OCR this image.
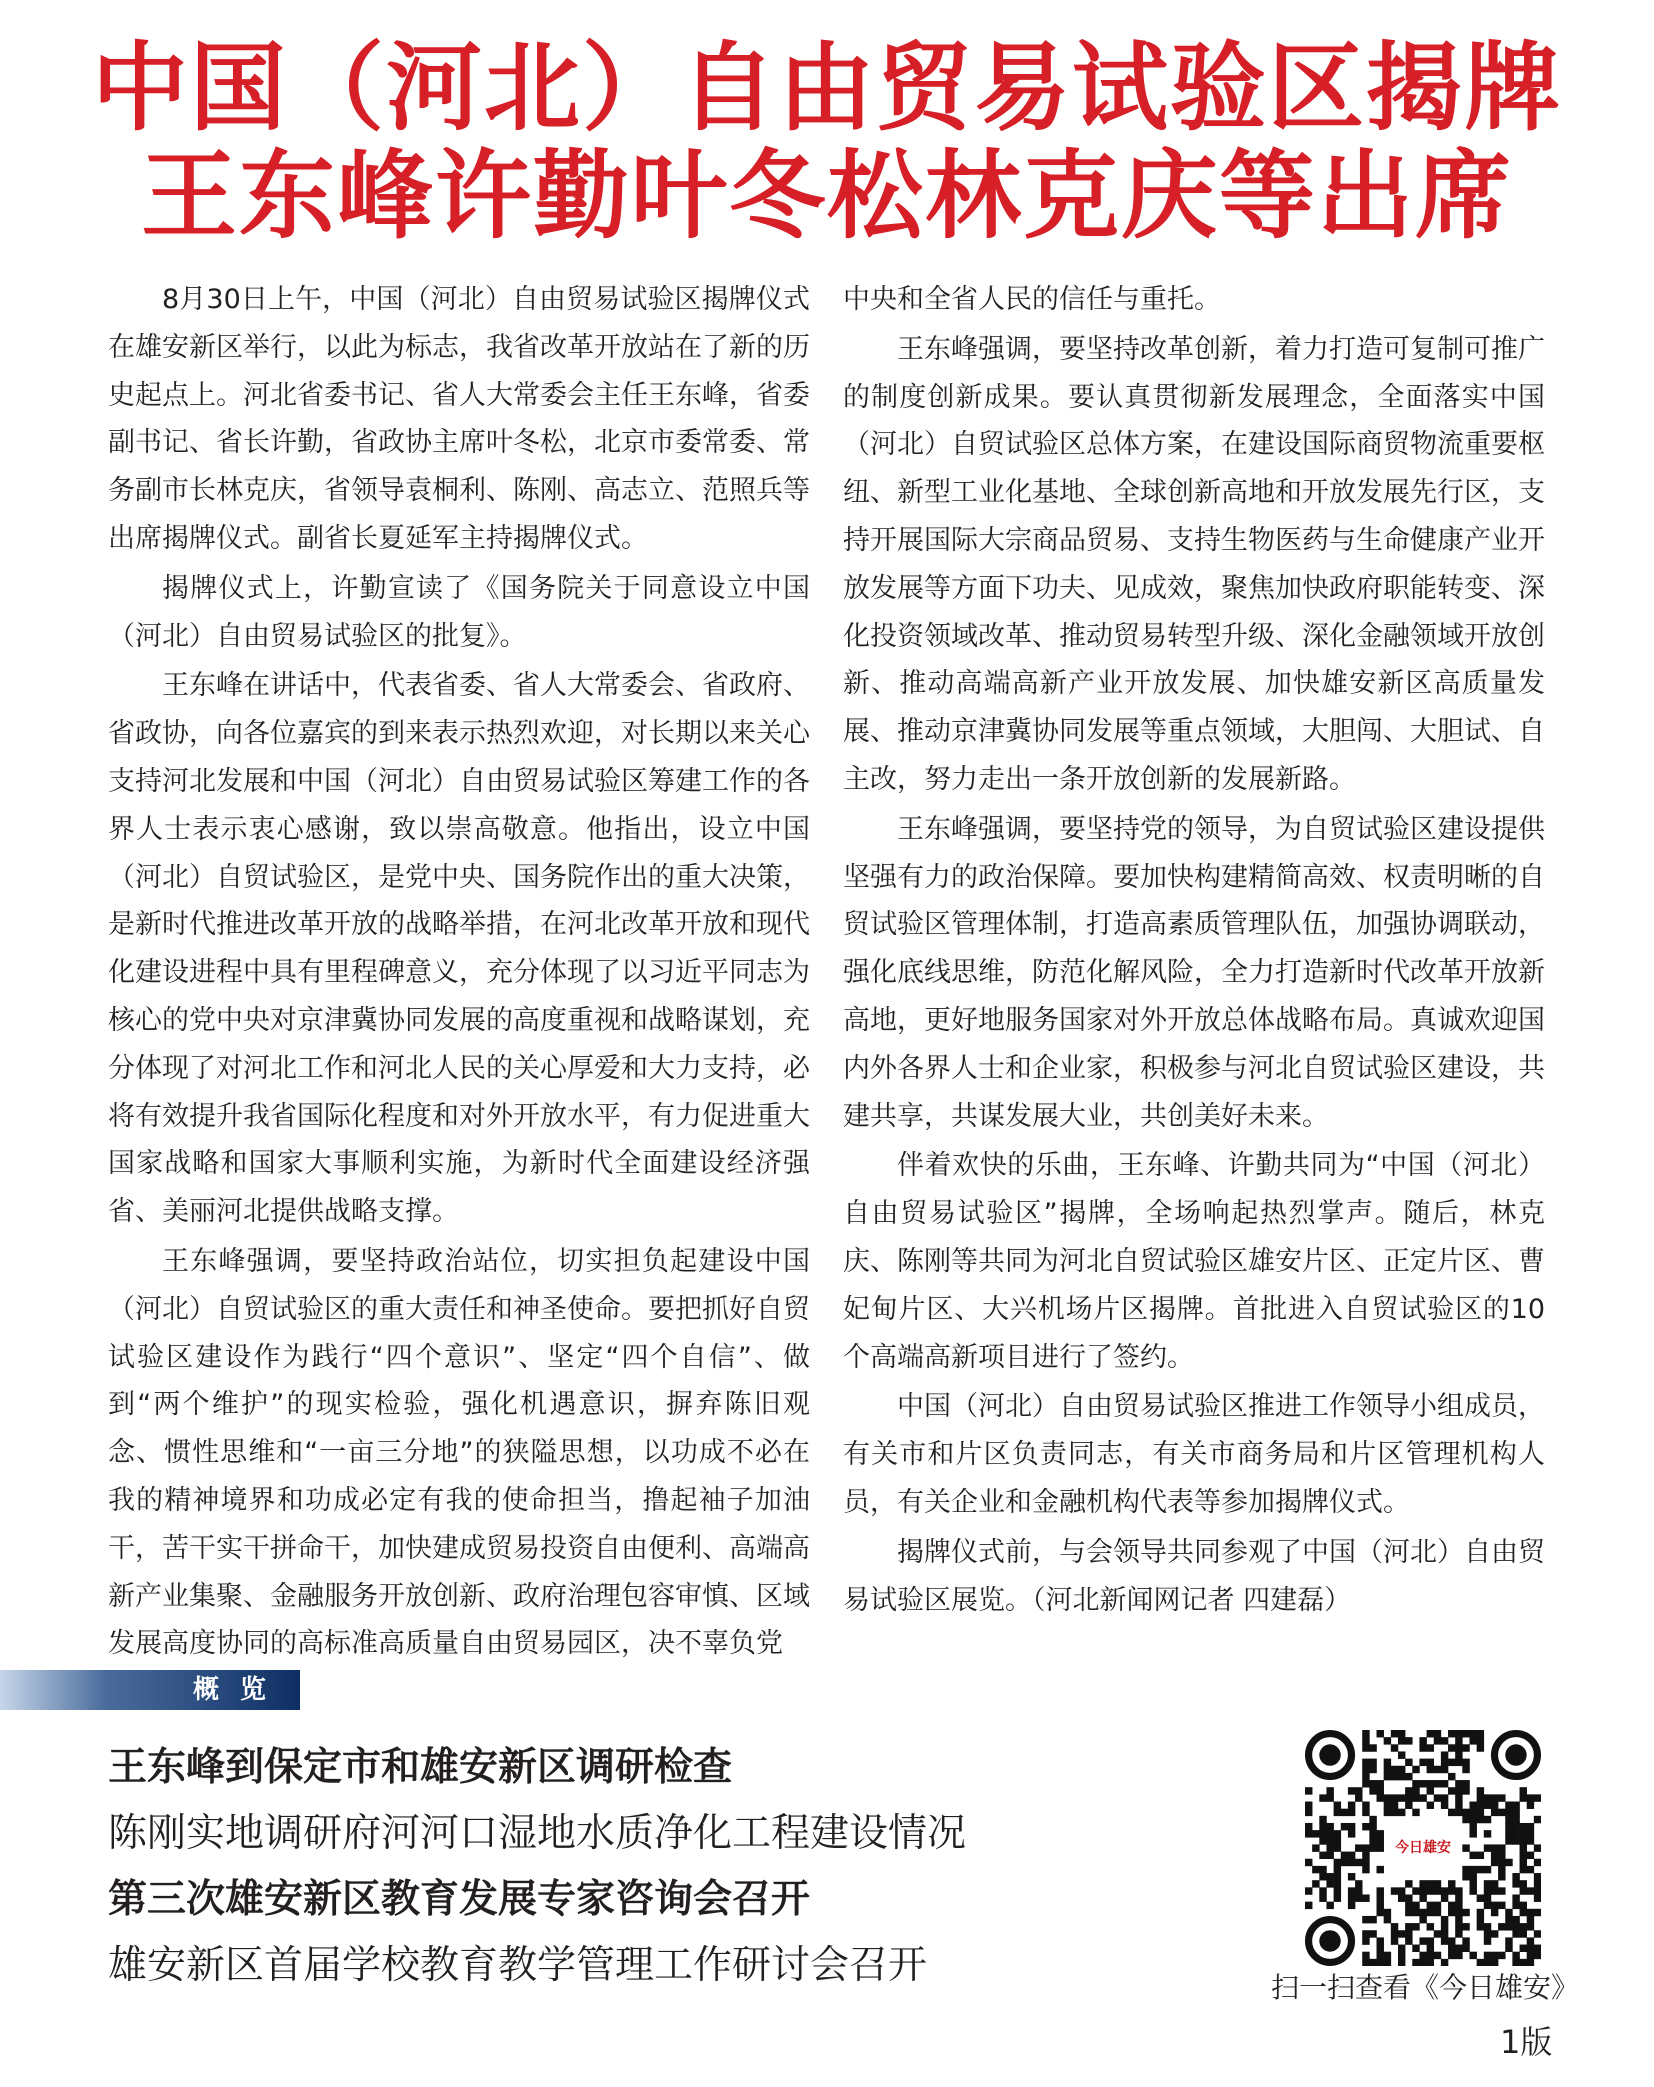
中国（河北）自由贸易试验区揭牌
王东峰许勤叶冬松林克庆等出席

8月30日上午，中国（河北）自由贸易试验区揭牌仪式在雄安新区举行，以此为标志，我省改革开放站在了新的历史起点上。河北省委书记、省人大常委会主任王东峰，省委副书记、省长许勤，省政协主席叶冬松，北京市委常委、常务副市长林克庆，省领导袁桐利、陈刚、高志立、范照兵等出席揭牌仪式。副省长夏延军主持揭牌仪式。

揭牌仪式上，许勤宣读了《国务院关于同意设立中国（河北）自由贸易试验区的批复》。

王东峰在讲话中，代表省委、省人大常委会、省政府、省政协，向各位嘉宾的到来表示热烈欢迎，对长期以来关心支持河北发展和中国（河北）自由贸易试验区筹建工作的各界人士表示衷心感谢，致以崇高敬意。他指出，设立中国（河北）自贸试验区，是党中央、国务院作出的重大决策，是新时代推进改革开放的战略举措，在河北改革开放和现代化建设进程中具有里程碑意义，充分体现了以习近平同志为核心的党中央对京津冀协同发展的高度重视和战略谋划，充分体现了对河北工作和河北人民的关心厚爱和大力支持，必将有效提升我省国际化程度和对外开放水平，有力促进重大国家战略和国家大事顺利实施，为新时代全面建设经济强省、美丽河北提供战略支撑。

王东峰强调，要坚持政治站位，切实担负起建设中国（河北）自贸试验区的重大责任和神圣使命。要把抓好自贸试验区建设作为践行“四个意识”、坚定“四个自信”、做到“两个维护”的现实检验，强化机遇意识，摒弃陈旧观念、惯性思维和“一亩三分地”的狭隘思想，以功成不必在我的精神境界和功成必定有我的使命担当，撸起袖子加油干，苦干实干拼命干，加快建成贸易投资自由便利、高端高新产业集聚、金融服务开放创新、政府治理包容审慎、区域发展高度协同的高标准高质量自由贸易园区，决不辜负党

中央和全省人民的信任与重托。

王东峰强调，要坚持改革创新，着力打造可复制可推广的制度创新成果。要认真贯彻新发展理念，全面落实中国（河北）自贸试验区总体方案，在建设国际商贸物流重要枢纽、新型工业化基地、全球创新高地和开放发展先行区，支持开展国际大宗商品贸易、支持生物医药与生命健康产业开放发展等方面下功夫、见成效，聚焦加快政府职能转变、深化投资领域改革、推动贸易转型升级、深化金融领域开放创新、推动高端高新产业开放发展、加快雄安新区高质量发展、推动京津冀协同发展等重点领域，大胆闯、大胆试、自主改，努力走出一条开放创新的发展新路。

王东峰强调，要坚持党的领导，为自贸试验区建设提供坚强有力的政治保障。要加快构建精简高效、权责明晰的自贸试验区管理体制，打造高素质管理队伍，加强协调联动，强化底线思维，防范化解风险，全力打造新时代改革开放新高地，更好地服务国家对外开放总体战略布局。真诚欢迎国内外各界人士和企业家，积极参与河北自贸试验区建设，共建共享，共谋发展大业，共创美好未来。

伴着欢快的乐曲，王东峰、许勤共同为“中国（河北）自由贸易试验区”揭牌，全场响起热烈掌声。随后，林克庆、陈刚等共同为河北自贸试验区雄安片区、正定片区、曹妃甸片区、大兴机场片区揭牌。首批进入自贸试验区的10个高端高新项目进行了签约。

中国（河北）自由贸易试验区推进工作领导小组成员，有关市和片区负责同志，有关市商务局和片区管理机构人员，有关企业和金融机构代表等参加揭牌仪式。

揭牌仪式前，与会领导共同参观了中国（河北）自由贸易试验区展览。（河北新闻网记者 四建磊）

概 览
王东峰到保定市和雄安新区调研检查
陈刚实地调研府河河口湿地水质净化工程建设情况
第三次雄安新区教育发展专家咨询会召开
雄安新区首届学校教育教学管理工作研讨会召开
今日雄安
扫一扫查看《今日雄安》
1版
